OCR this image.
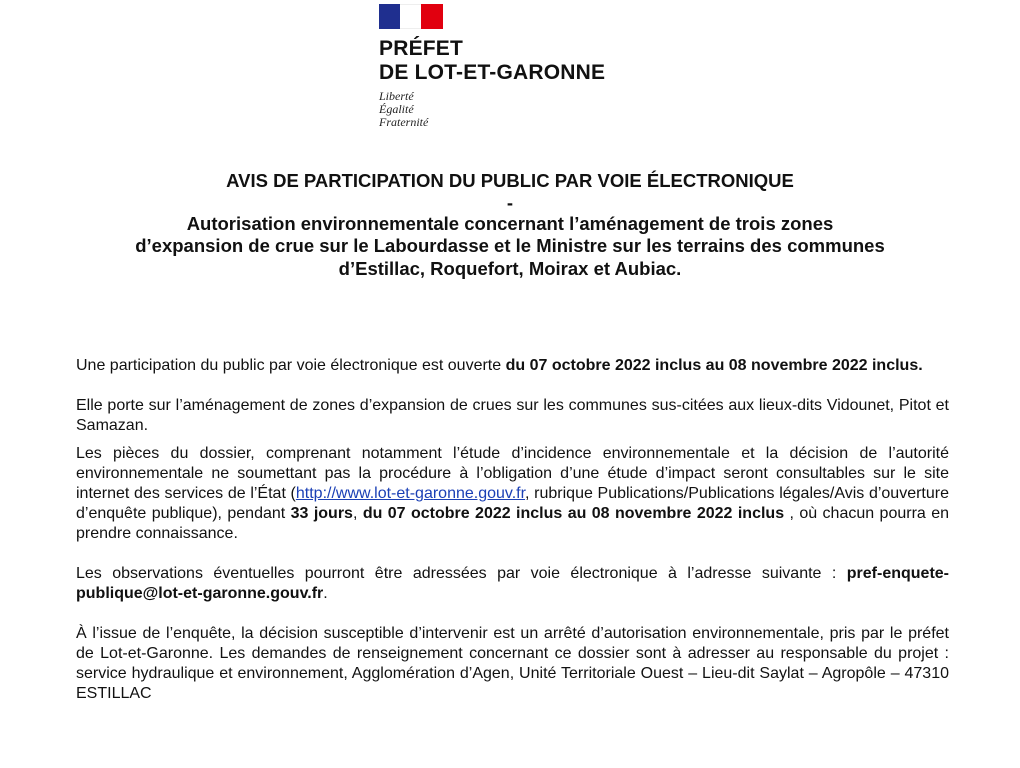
PRÉFET
DE LOT-ET-GARONNE
Liberté
Égalité
Fraternité
AVIS DE PARTICIPATION DU PUBLIC PAR VOIE ÉLECTRONIQUE
-
Autorisation environnementale concernant l’aménagement de trois zones
d’expansion de crue sur le Labourdasse et le Ministre sur les terrains des communes
d’Estillac, Roquefort, Moirax et Aubiac.

Une participation du public par voie électronique est ouverte du 07 octobre 2022 inclus au 08 novembre 2022 inclus.

Elle porte sur l’aménagement de zones d’expansion de crues sur les communes sus-citées aux lieux-dits Vidounet, Pitot et Samazan.

Les pièces du dossier, comprenant notamment l’étude d’incidence environnementale et la décision de l’autorité environnementale ne soumettant pas la procédure à l’obligation d’une étude d’impact seront consultables sur le site internet des services de l’État (http://www.lot-et-garonne.gouv.fr, rubrique Publications/Publications légales/Avis d’ouverture d’enquête publique), pendant 33 jours, du 07 octobre 2022 inclus au 08 novembre 2022 inclus , où chacun pourra en prendre connaissance.

Les observations éventuelles pourront être adressées par voie électronique à l’adresse suivante : pref-enquete-publique@lot-et-garonne.gouv.fr.

À l’issue de l’enquête, la décision susceptible d’intervenir est un arrêté d’autorisation environnementale, pris par le préfet de Lot-et-Garonne. Les demandes de renseignement concernant ce dossier sont à adresser au responsable du projet : service hydraulique et environnement, Agglomération d’Agen, Unité Territoriale Ouest – Lieu-dit Saylat – Agropôle – 47310 ESTILLAC
